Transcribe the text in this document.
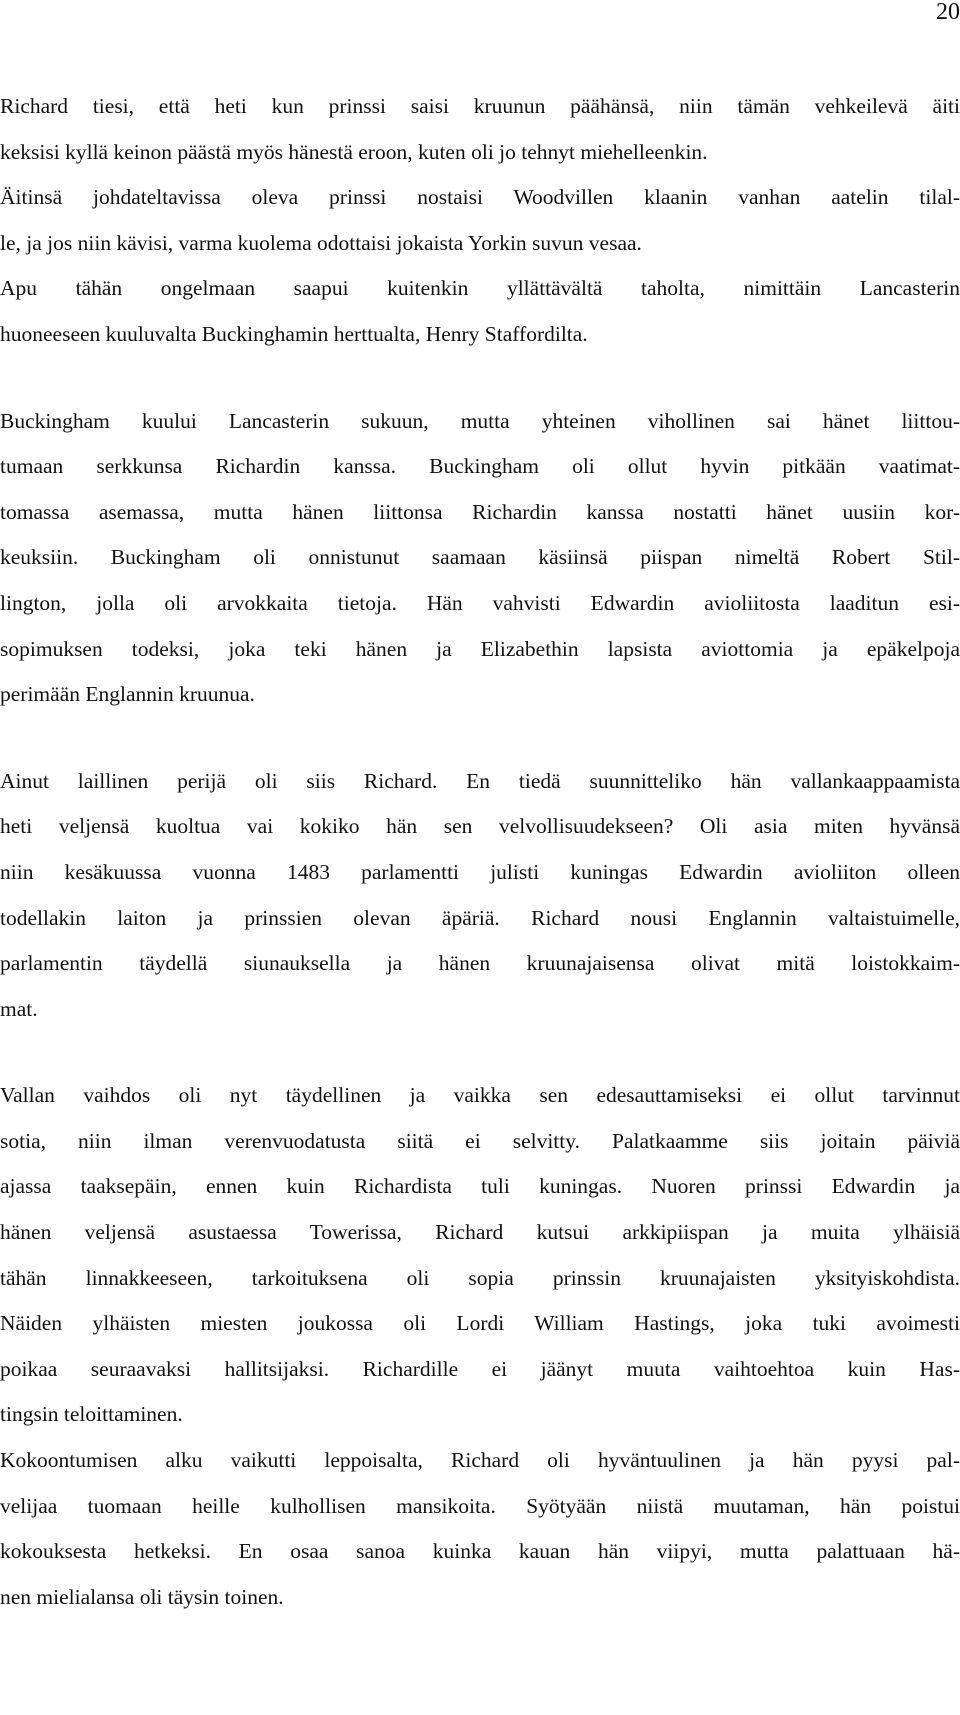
20

Richard tiesi, että heti kun prinssi saisi kruunun päähänsä, niin tämän vehkeilevä äiti
keksisi kyllä keinon päästä myös hänestä eroon, kuten oli jo tehnyt miehelleenkin.
Äitinsä johdateltavissa oleva prinssi nostaisi Woodvillen klaanin vanhan aatelin tilal-
le, ja jos niin kävisi, varma kuolema odottaisi jokaista Yorkin suvun vesaa.
Apu tähän ongelmaan saapui kuitenkin yllättävältä taholta, nimittäin Lancasterin
huoneeseen kuuluvalta Buckinghamin herttualta, Henry Staffordilta.

Buckingham kuului Lancasterin sukuun, mutta yhteinen vihollinen sai hänet liittou-
tumaan serkkunsa Richardin kanssa. Buckingham oli ollut hyvin pitkään vaatimat-
tomassa asemassa, mutta hänen liittonsa Richardin kanssa nostatti hänet uusiin kor-
keuksiin. Buckingham oli onnistunut saamaan käsiinsä piispan nimeltä Robert Stil-
lington, jolla oli arvokkaita tietoja. Hän vahvisti Edwardin avioliitosta laaditun esi-
sopimuksen todeksi, joka teki hänen ja Elizabethin lapsista aviottomia ja epäkelpoja
perimään Englannin kruunua.

Ainut laillinen perijä oli siis Richard. En tiedä suunnitteliko hän vallankaappaamista
heti veljensä kuoltua vai kokiko hän sen velvollisuudekseen? Oli asia miten hyvänsä
niin kesäkuussa vuonna 1483 parlamentti julisti kuningas Edwardin avioliiton olleen
todellakin laiton ja prinssien olevan äpäriä. Richard nousi Englannin valtaistuimelle,
parlamentin täydellä siunauksella ja hänen kruunajaisensa olivat mitä loistokkaim-
mat.

Vallan vaihdos oli nyt täydellinen ja vaikka sen edesauttamiseksi ei ollut tarvinnut
sotia, niin ilman verenvuodatusta siitä ei selvitty. Palatkaamme siis joitain päiviä
ajassa taaksepäin, ennen kuin Richardista tuli kuningas. Nuoren prinssi Edwardin ja
hänen veljensä asustaessa Towerissa, Richard kutsui arkkipiispan ja muita ylhäisiä
tähän linnakkeeseen, tarkoituksena oli sopia prinssin kruunajaisten yksityiskohdista.
Näiden ylhäisten miesten joukossa oli Lordi William Hastings, joka tuki avoimesti
poikaa seuraavaksi hallitsijaksi. Richardille ei jäänyt muuta vaihtoehtoa kuin Has-
tingsin teloittaminen.

Kokoontumisen alku vaikutti leppoisalta, Richard oli hyväntuulinen ja hän pyysi pal-
velijaa tuomaan heille kulhollisen mansikoita. Syötyään niistä muutaman, hän poistui
kokouksesta hetkeksi. En osaa sanoa kuinka kauan hän viipyi, mutta palattuaan hä-
nen mielialansa oli täysin toinen.
